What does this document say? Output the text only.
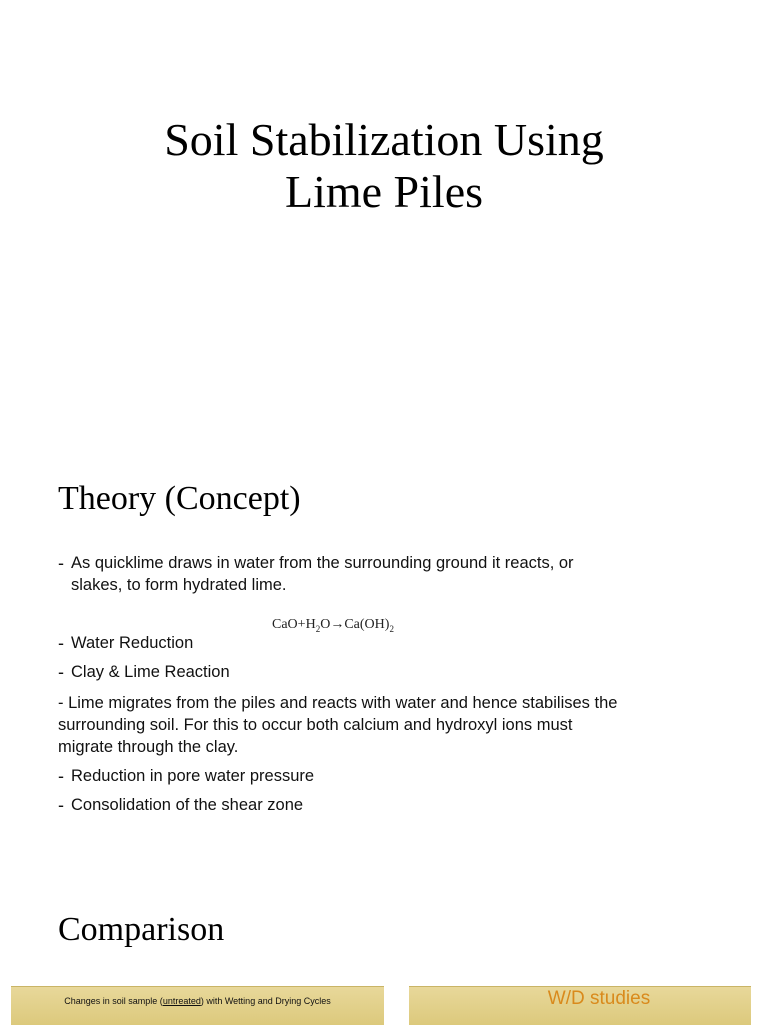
Soil Stabilization Using
Lime Piles
Theory (Concept)
- As quicklime draws in water from the surrounding ground it reacts, or
slakes, to form hydrated lime.
- Water Reduction
- Clay & Lime Reaction
- Lime migrates from the piles and reacts with water and hence stabilises the
surrounding soil. For this to occur both calcium and hydroxyl ions must
migrate through the clay.
- Reduction in pore water pressure
- Consolidation of the shear zone
$CaO+H_2O\to Ca(OH)_2$
Comparison
Changes in soil sample (untreated) with Wetting and Drying Cycles	W/D studies
